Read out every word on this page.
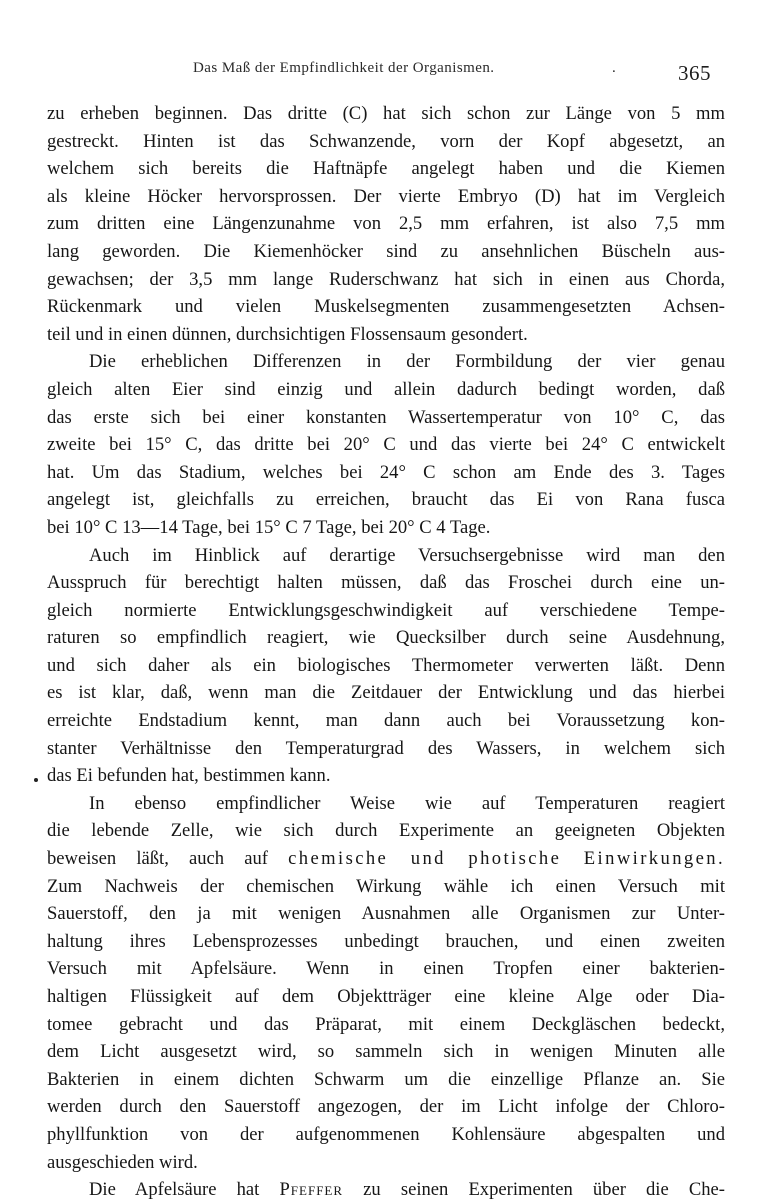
Das Maß der Empfindlichkeit der Organismen.	.	365
zu erheben beginnen. Das dritte (C) hat sich schon zur Länge von 5 mm
gestreckt. Hinten ist das Schwanzende, vorn der Kopf abgesetzt, an
welchem sich bereits die Haftnäpfe angelegt haben und die Kiemen
als kleine Höcker hervorsprossen. Der vierte Embryo (D) hat im Vergleich
zum dritten eine Längenzunahme von 2,5 mm erfahren, ist also 7,5 mm
lang geworden. Die Kiemenhöcker sind zu ansehnlichen Büscheln aus-
gewachsen; der 3,5 mm lange Ruderschwanz hat sich in einen aus Chorda,
Rückenmark und vielen Muskelsegmenten zusammengesetzten Achsen-
teil und in einen dünnen, durchsichtigen Flossensaum gesondert.
Die erheblichen Differenzen in der Formbildung der vier genau
gleich alten Eier sind einzig und allein dadurch bedingt worden, daß
das erste sich bei einer konstanten Wassertemperatur von 10° C, das
zweite bei 15° C, das dritte bei 20° C und das vierte bei 24° C entwickelt
hat. Um das Stadium, welches bei 24° C schon am Ende des 3. Tages
angelegt ist, gleichfalls zu erreichen, braucht das Ei von Rana fusca
bei 10° C 13—14 Tage, bei 15° C 7 Tage, bei 20° C 4 Tage.
Auch im Hinblick auf derartige Versuchsergebnisse wird man den
Ausspruch für berechtigt halten müssen, daß das Froschei durch eine un-
gleich normierte Entwicklungsgeschwindigkeit auf verschiedene Tempe-
raturen so empfindlich reagiert, wie Quecksilber durch seine Ausdehnung,
und sich daher als ein biologisches Thermometer verwerten läßt. Denn
es ist klar, daß, wenn man die Zeitdauer der Entwicklung und das hierbei
erreichte Endstadium kennt, man dann auch bei Voraussetzung kon-
stanter Verhältnisse den Temperaturgrad des Wassers, in welchem sich
das Ei befunden hat, bestimmen kann.
In ebenso empfindlicher Weise wie auf Temperaturen reagiert
die lebende Zelle, wie sich durch Experimente an geeigneten Objekten
beweisen läßt, auch auf chemische und photische Einwirkungen.
Zum Nachweis der chemischen Wirkung wähle ich einen Versuch mit
Sauerstoff, den ja mit wenigen Ausnahmen alle Organismen zur Unter-
haltung ihres Lebensprozesses unbedingt brauchen, und einen zweiten
Versuch mit Apfelsäure. Wenn in einen Tropfen einer bakterien-
haltigen Flüssigkeit auf dem Objektträger eine kleine Alge oder Dia-
tomee gebracht und das Präparat, mit einem Deckgläschen bedeckt,
dem Licht ausgesetzt wird, so sammeln sich in wenigen Minuten alle
Bakterien in einem dichten Schwarm um die einzellige Pflanze an. Sie
werden durch den Sauerstoff angezogen, der im Licht infolge der Chloro-
phyllfunktion von der aufgenommenen Kohlensäure abgespalten und
ausgeschieden wird.
Die Apfelsäure hat Pfeffer zu seinen Experimenten über die Che-
